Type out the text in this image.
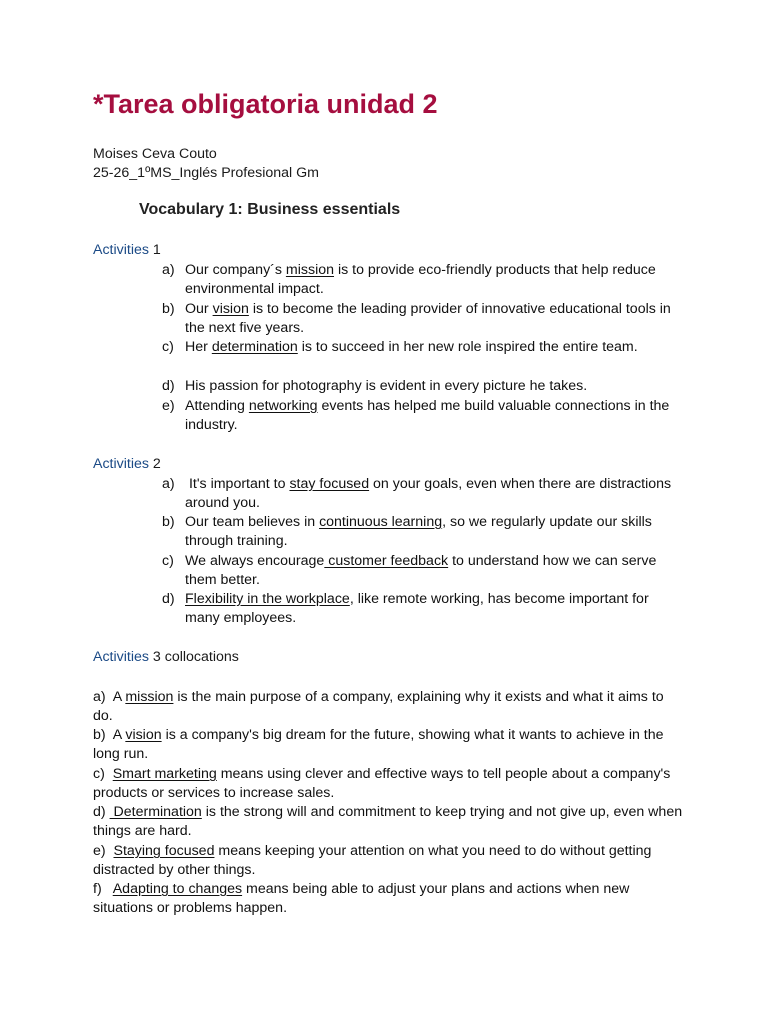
*Tarea obligatoria unidad 2
Moises Ceva Couto
25-26_1ºMS_Inglés Profesional Gm
Vocabulary 1: Business essentials
Activities 1
a) Our company´s mission is to provide eco-friendly products that help reduce environmental impact.
b) Our vision is to become the leading provider of innovative educational tools in the next five years.
c) Her determination is to succeed in her new role inspired the entire team.
d) His passion for photography is evident in every picture he takes.
e) Attending networking events has helped me build valuable connections in the industry.
Activities 2
a) It's important to stay focused on your goals, even when there are distractions around you.
b) Our team believes in continuous learning, so we regularly update our skills through training.
c) We always encourage customer feedback to understand how we can serve them better.
d) Flexibility in the workplace, like remote working, has become important for many employees.
Activities 3 collocations
a)  A mission is the main purpose of a company, explaining why it exists and what it aims to do.
b)  A vision is a company's big dream for the future, showing what it wants to achieve in the long run.
c)  Smart marketing means using clever and effective ways to tell people about a company's products or services to increase sales.
d)  Determination is the strong will and commitment to keep trying and not give up, even when things are hard.
e)  Staying focused means keeping your attention on what you need to do without getting distracted by other things.
f)   Adapting to changes means being able to adjust your plans and actions when new situations or problems happen.
